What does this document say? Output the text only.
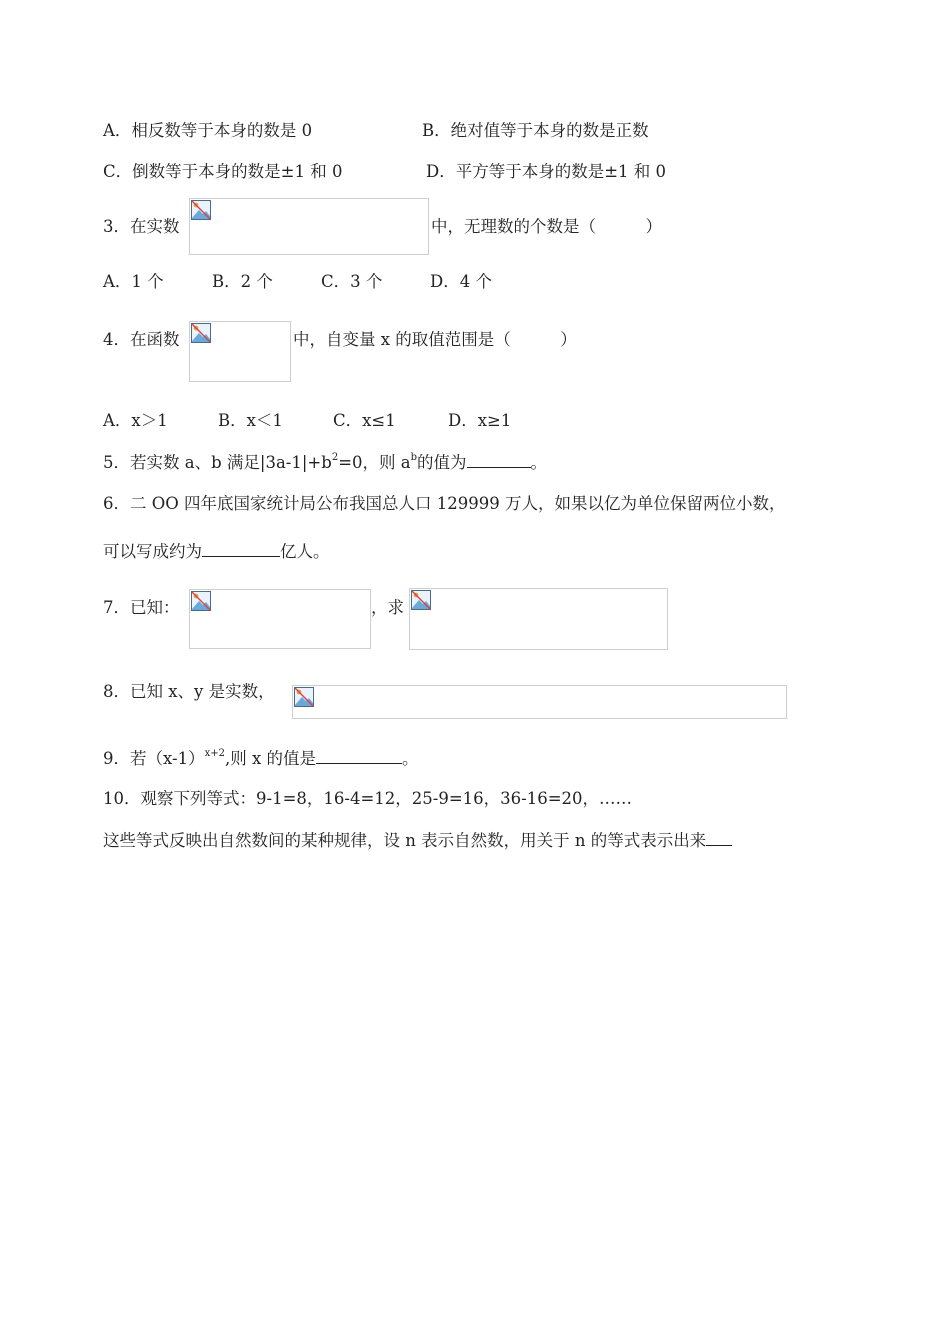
A．相反数等于本身的数是 0	B．绝对值等于本身的数是正数
C．倒数等于本身的数是±1 和 0	D．平方等于本身的数是±1 和 0
3．在实数	中，无理数的个数是（　　　）
A．1 个	B．2 个	C．3 个	D．4 个
4．在函数	中，自变量 x 的取值范围是（　　　）
A．x＞1	B．x＜1	C．x≤1	D．x≥1
5．若实数 a、b 满足$|3a-1|+b^2=0$，则 $a^b$的值为	。
6．二 OO 四年底国家统计局公布我国总人口 129999 万人，如果以亿为单位保留两位小数，
可以写成约为	亿人。
7．已知：	，求
8．已知 x、y 是实数，
9．若$(x-1)^{x+2}$,则 x 的值是	。
10．观察下列等式：9-1=8，16-4=12，25-9=16，36-16=20，……
这些等式反映出自然数间的某种规律，设 n 表示自然数，用关于 n 的等式表示出来
